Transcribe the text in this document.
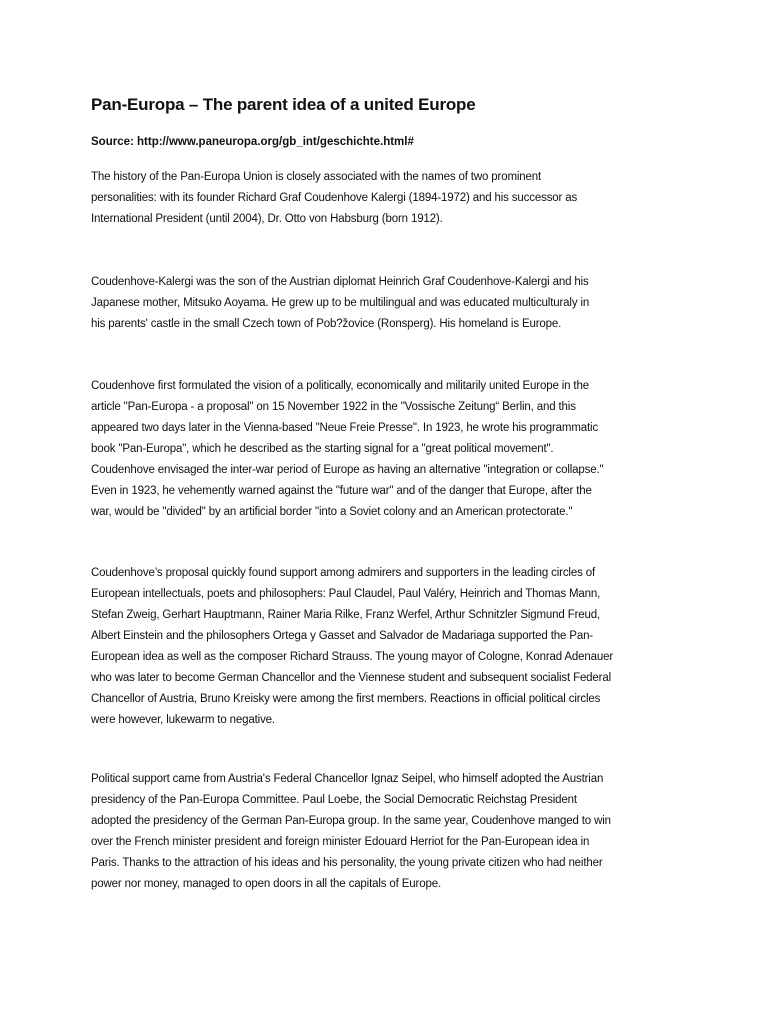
Pan-Europa – The parent idea of a united Europe

Source: http://www.paneuropa.org/gb_int/geschichte.html#

The history of the Pan-Europa Union is closely associated with the names of two prominent
personalities: with its founder Richard Graf Coudenhove Kalergi (1894-1972) and his successor as
International President (until 2004), Dr. Otto von Habsburg (born 1912).

Coudenhove-Kalergi was the son of the Austrian diplomat Heinrich Graf Coudenhove-Kalergi and his
Japanese mother, Mitsuko Aoyama. He grew up to be multilingual and was educated multiculturaly in
his parents' castle in the small Czech town of Pob?žovice (Ronsperg). His homeland is Europe.

Coudenhove first formulated the vision of a politically, economically and militarily united Europe in the
article "Pan-Europa - a proposal" on 15 November 1922 in the "Vossische Zeitung“ Berlin, and this
appeared two days later in the Vienna-based "Neue Freie Presse". In 1923, he wrote his programmatic
book "Pan-Europa", which he described as the starting signal for a "great political movement".
Coudenhove envisaged the inter-war period of Europe as having an alternative "integration or collapse."
Even in 1923, he vehemently warned against the "future war" and of the danger that Europe, after the
war, would be "divided" by an artificial border "into a Soviet colony and an American protectorate."

Coudenhove’s proposal quickly found support among admirers and supporters in the leading circles of
European intellectuals, poets and philosophers: Paul Claudel, Paul Valéry, Heinrich and Thomas Mann,
Stefan Zweig, Gerhart Hauptmann, Rainer Maria Rilke, Franz Werfel, Arthur Schnitzler Sigmund Freud,
Albert Einstein and the philosophers Ortega y Gasset and Salvador de Madariaga supported the Pan-
European idea as well as the composer Richard Strauss. The young mayor of Cologne, Konrad Adenauer
who was later to become German Chancellor and the Viennese student and subsequent socialist Federal
Chancellor of Austria, Bruno Kreisky were among the first members. Reactions in official political circles
were however, lukewarm to negative.

Political support came from Austria's Federal Chancellor Ignaz Seipel, who himself adopted the Austrian
presidency of the Pan-Europa Committee. Paul Loebe, the Social Democratic Reichstag President
adopted the presidency of the German Pan-Europa group. In the same year, Coudenhove manged to win
over the French minister president and foreign minister Edouard Herriot for the Pan-European idea in
Paris. Thanks to the attraction of his ideas and his personality, the young private citizen who had neither
power nor money, managed to open doors in all the capitals of Europe.
